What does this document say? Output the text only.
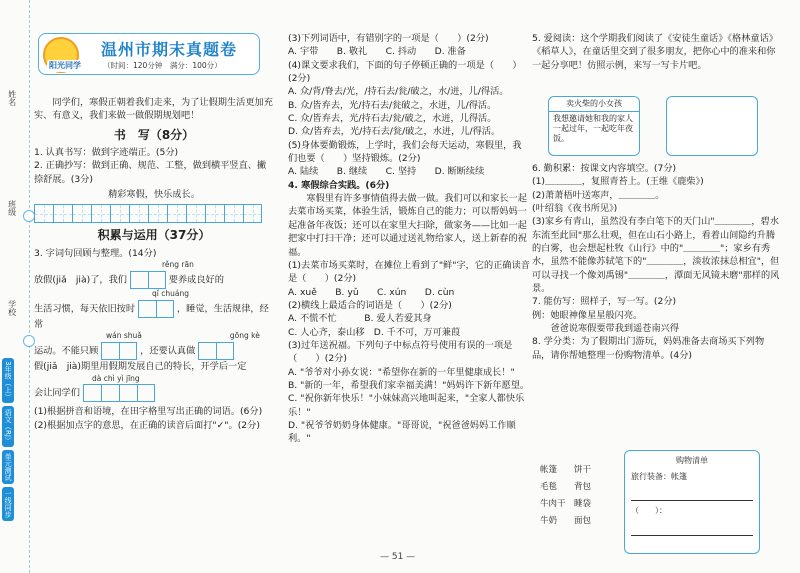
姓名
班级
学校
3年级（上）
语文（RJ）
单元测试
一线同步
阳光同学
温州市期末真题卷
（时间：120分钟　满分：100分）

同学们，寒假正朝着我们走来，为了让假期生活更加充实、有意义，我们来做一做假期规划吧！

书　写（8分）

1. 认真书写：做到字迹端正。(5分)

2. 正确抄写：做到正确、规范、工整，做到横平竖直、撇捺舒展。(3分)

精彩寒假，快乐成长。

积累与运用（37分）

3. 字词句回顾与整理。(14分)

rěng rān

放假(jiǎ　jià)了，我们	要养成良好的

qǐ chuáng

生活习惯，每天依旧按时	，睡觉，生活规律，经常

wán shuǎ	gōng kè

运动。不能只顾	，还要认真做

假(jiǎ　jià)期里用假期发展自己的特长，开学后一定

dà chì yì jīng

会让同学们

(1)根据拼音和语境，在田字格里写出正确的词语。(6分)

(2)根据加点字的意思，在正确的读音后面打"✓"。(2分)

(3)下列词语中，有错别字的一项是（　　）(2分)

A. 宇带　　B. 敬礼　　C. 抖动　　D. 准备

(4)课文要求我们，下面的句子停顿正确的一项是（　　）(2分)

A. 众/背/脊去/光，/持石去/瓮/破之，水/迸，儿/得活。

B. 众/皆弃去，光/持石去/瓮破之，水迸，儿/得活。

C. 众/皆弃去，光/持石去/瓮/破之，水迸，儿得活。

D. 众/皆弃去，光/持石去/瓮/破之，水迸，儿/得活。

(5)身体要勤锻炼，上学时，我们会每天运动，寒假里，我们也要（　　）坚持锻炼。(2分)

A. 陆续　　B. 继续　　C. 坚持　　D. 断断续续

4. 寒假综合实践。(6分)

寒假里有许多事情值得去做一做。我们可以和家长一起去菜市场买菜，体验生活，锻炼自己的能力；可以帮妈妈一起准备年夜饭；还可以在家里大扫除，做家务——比如一起把家中打扫干净；还可以通过送礼物给家人，送上新春的祝福。

(1)去菜市场买菜时，在摊位上看到了"鲜"字，它的正确读音是（　　）(2分)

A. xuě　　B. yǔ　　C. xún　　D. cùn

(2)横线上最适合的词语是（　　）(2分)

A. 不慌不忙　　　B. 爱人若爱其身

C. 人心齐，泰山移　D. 千不可，万可兼葭

(3)过年送祝福。下列句子中标点符号使用有误的一项是（　　）(2分)

A. "爷爷对小孙女说："希望你在新的一年里健康成长！"

B. "新的一年，希望我们家幸福美满！"妈妈许下新年愿望。

C. "祝你新年快乐！"小妹妹高兴地叫起来，"全家人都快乐乐！"

D. "祝爷爷奶奶身体健康。"哥哥说，"祝爸爸妈妈工作顺利。"

5. 爱阅读：这个学期我们阅读了《安徒生童话》《格林童话》《稻草人》，在童话里交到了很多朋友，把你心中的准来和你一起分享吧！仿照示例，来写一写卡片吧。

卖火柴的小女孩
我想邀请她和我的家人一起过年，一起吃年夜饭。

6. 勤积累：按课文内容填空。(7分)

(1)＿＿＿＿，复照青苔上。(王维《鹿柴》)

(2)萧萧梧叶送寒声，＿＿＿＿。

(叶绍翁《夜书所见》)

(3)家乡有青山，虽然没有李白笔下的天门山"＿＿＿＿，碧水东流至此回"那么壮观，但在山石小路上，看着山间隐约升腾的白雾，也会想起杜牧《山行》中的"＿＿＿＿"；家乡有秀水，虽然不能像苏轼笔下的"＿＿＿＿，淡妆浓抹总相宜"，但可以寻找一个像刘禹锡"＿＿＿＿，潭面无风镜未磨"那样的风景。

7. 能仿写：照样子，写一写。(2分)

例：她眼神像星星般闪亮。

爸爸说寒假要带我到遥苍南兴得

8. 学分类：为了假期出门游玩，妈妈准备去商场买下列物品，请你帮她整理一份购物清单。(4分)

帐篷　　饼干
毛毯　　背包
牛肉干　睡袋
牛奶　　面包
购物清单
旅行装备：帐篷
（　　）：
— 51 —
